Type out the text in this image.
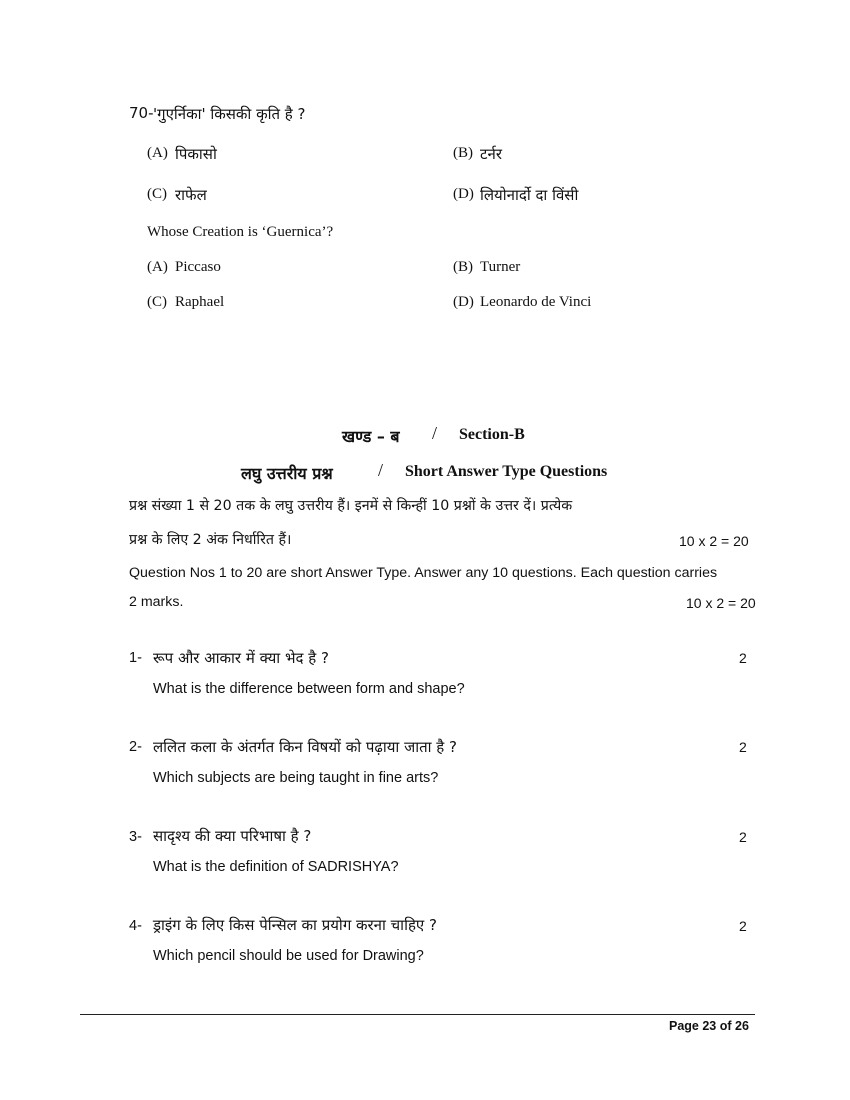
70- 'गुएर्निका' किसकी कृति है ?
(A) पिकासो	(B) टर्नर
(C) राफेल	(D) लियोनार्दो दा विंसी
Whose Creation is ‘Guernica’?
(A) Piccaso	(B) Turner
(C) Raphael	(D) Leonardo de Vinci
खण्ड – ब / Section-B
लघु उत्तरीय प्रश्न	/ Short Answer Type Questions
प्रश्न संख्या 1 से 20 तक के लघु उत्तरीय हैं। इनमें से किन्हीं 10 प्रश्नों के उत्तर दें। प्रत्येक
प्रश्न के लिए 2 अंक निर्धारित हैं।	10 x 2 = 20
Question Nos 1 to 20 are short Answer Type. Answer any 10 questions. Each question carries
2 marks.	10 x 2 = 20
1- रूप और आकार में क्या भेद है ?	2
What is the difference between form and shape?
2- ललित कला के अंतर्गत किन विषयों को पढ़ाया जाता है ?	2
Which subjects are being taught in fine arts?
3- सादृश्य की क्या परिभाषा है ?	2
What is the definition of SADRISHYA?
4- ड्राइंग के लिए किस पेन्सिल का प्रयोग करना चाहिए ?	2
Which pencil should be used for Drawing?
Page 23 of 26
